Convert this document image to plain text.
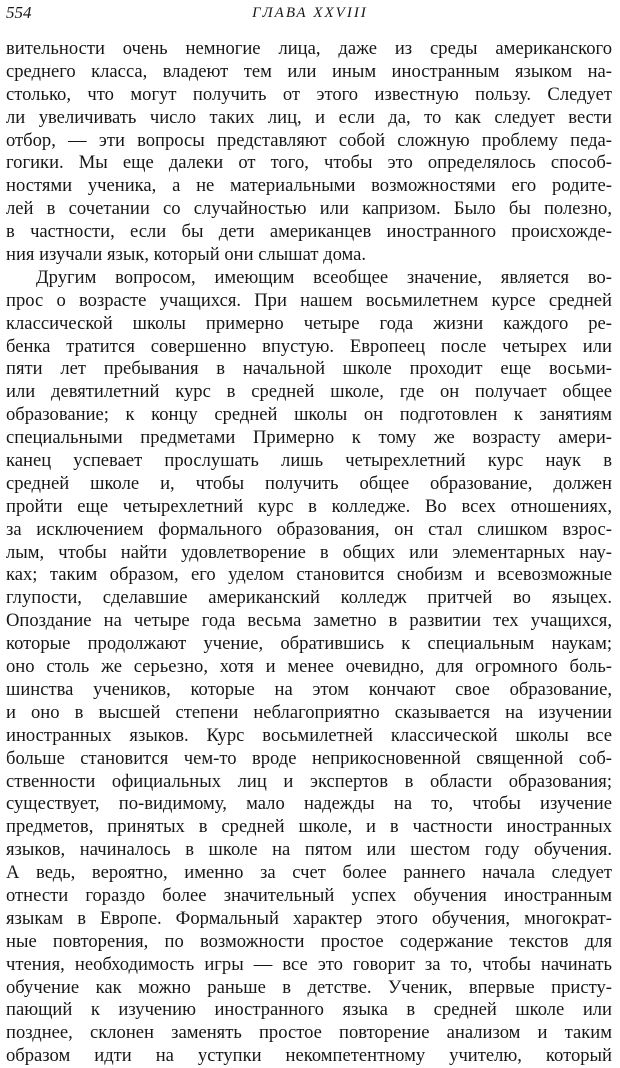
554	ГЛАВА XXVIII
вительности очень немногие лица, даже из среды американского
среднего класса, владеют тем или иным иностранным языком на-
столько, что могут получить от этого известную пользу. Следует
ли увеличивать число таких лиц, и если да, то как следует вести
отбор, — эти вопросы представляют собой сложную проблему педа-
гогики. Мы еще далеки от того, чтобы это определялось способ-
ностями ученика, а не материальными возможностями его родите-
лей в сочетании со случайностью или капризом. Было бы полезно,
в частности, если бы дети американцев иностранного происхожде-
ния изучали язык, который они слышат дома.
Другим вопросом, имеющим всеобщее значение, является во-
прос о возрасте учащихся. При нашем восьмилетнем курсе средней
классической школы примерно четыре года жизни каждого ре-
бенка тратится совершенно впустую. Европеец после четырех или
пяти лет пребывания в начальной школе проходит еще восьми-
или девятилетний курс в средней школе, где он получает общее
образование; к концу средней школы он подготовлен к занятиям
специальными предметами Примерно к тому же возрасту амери-
канец успевает прослушать лишь четырехлетний курс наук в
средней школе и, чтобы получить общее образование, должен
пройти еще четырехлетний курс в колледже. Во всех отношениях,
за исключением формального образования, он стал слишком взрос-
лым, чтобы найти удовлетворение в общих или элементарных нау-
ках; таким образом, его уделом становится снобизм и всевозможные
глупости, сделавшие американский колледж притчей во языцех.
Опоздание на четыре года весьма заметно в развитии тех учащихся,
которые продолжают учение, обратившись к специальным наукам;
оно столь же серьезно, хотя и менее очевидно, для огромного боль-
шинства учеников, которые на этом кончают свое образование,
и оно в высшей степени неблагоприятно сказывается на изучении
иностранных языков. Курс восьмилетней классической школы все
больше становится чем-то вроде неприкосновенной священной соб-
ственности официальных лиц и экспертов в области образования;
существует, по-видимому, мало надежды на то, чтобы изучение
предметов, принятых в средней школе, и в частности иностранных
языков, начиналось в школе на пятом или шестом году обучения.
А ведь, вероятно, именно за счет более раннего начала следует
отнести гораздо более значительный успех обучения иностранным
языкам в Европе. Формальный характер этого обучения, многократ-
ные повторения, по возможности простое содержание текстов для
чтения, необходимость игры — все это говорит за то, чтобы начинать
обучение как можно раньше в детстве. Ученик, впервые присту-
пающий к изучению иностранного языка в средней школе или
позднее, склонен заменять простое повторение анализом и таким
образом идти на уступки некомпетентному учителю, который
